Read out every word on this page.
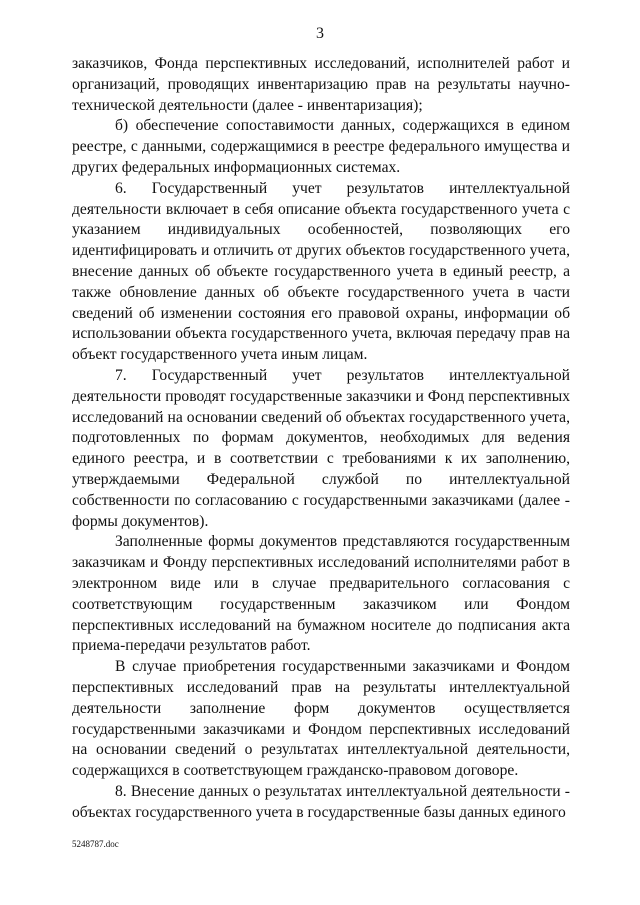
3

заказчиков, Фонда перспективных исследований, исполнителей работ и организаций, проводящих инвентаризацию прав на результаты научно-технической деятельности (далее - инвентаризация);

б) обеспечение сопоставимости данных, содержащихся в едином реестре, с данными, содержащимися в реестре федерального имущества и других федеральных информационных системах.

6. Государственный учет результатов интеллектуальной деятельности включает в себя описание объекта государственного учета с указанием индивидуальных особенностей, позволяющих его идентифицировать и отличить от других объектов государственного учета, внесение данных об объекте государственного учета в единый реестр, а также обновление данных об объекте государственного учета в части сведений об изменении состояния его правовой охраны, информации об использовании объекта государственного учета, включая передачу прав на объект государственного учета иным лицам.

7. Государственный учет результатов интеллектуальной деятельности проводят государственные заказчики и Фонд перспективных исследований на основании сведений об объектах государственного учета, подготовленных по формам документов, необходимых для ведения единого реестра, и в соответствии с требованиями к их заполнению, утверждаемыми Федеральной службой по интеллектуальной собственности по согласованию с государственными заказчиками (далее - формы документов).

Заполненные формы документов представляются государственным заказчикам и Фонду перспективных исследований исполнителями работ в электронном виде или в случае предварительного согласования с соответствующим государственным заказчиком или Фондом перспективных исследований на бумажном носителе до подписания акта приема-передачи результатов работ.

В случае приобретения государственными заказчиками и Фондом перспективных исследований прав на результаты интеллектуальной деятельности заполнение форм документов осуществляется государственными заказчиками и Фондом перспективных исследований на основании сведений о результатах интеллектуальной деятельности, содержащихся в соответствующем гражданско-правовом договоре.

8. Внесение данных о результатах интеллектуальной деятельности - объектах государственного учета в государственные базы данных единого

5248787.doc
